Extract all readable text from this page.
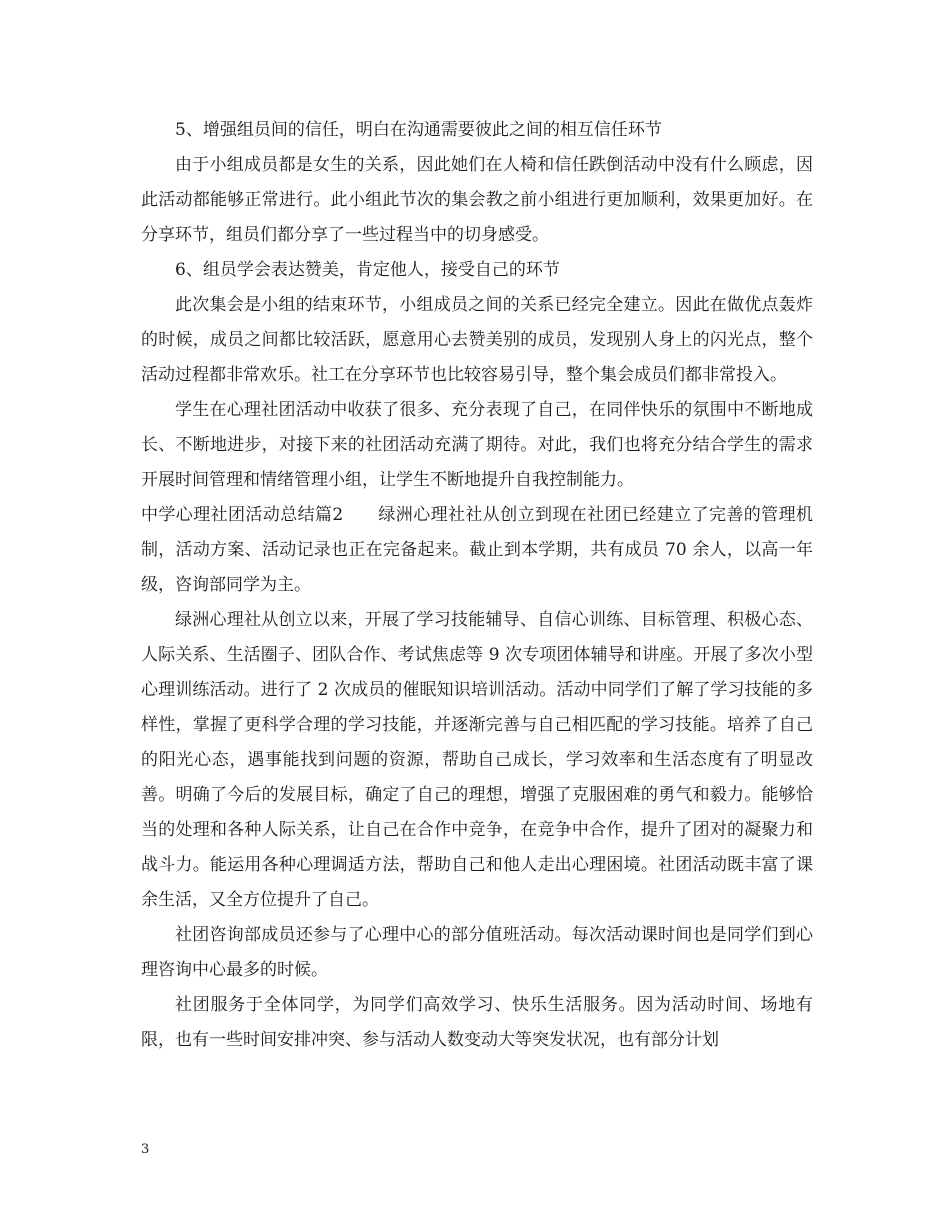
5、增强组员间的信任，明白在沟通需要彼此之间的相互信任环节

由于小组成员都是女生的关系，因此她们在人椅和信任跌倒活动中没有什么顾虑，因此活动都能够正常进行。此小组此节次的集会教之前小组进行更加顺利，效果更加好。在分享环节，组员们都分享了一些过程当中的切身感受。

6、组员学会表达赞美，肯定他人，接受自己的环节

此次集会是小组的结束环节，小组成员之间的关系已经完全建立。因此在做优点轰炸的时候，成员之间都比较活跃，愿意用心去赞美别的成员，发现别人身上的闪光点，整个活动过程都非常欢乐。社工在分享环节也比较容易引导，整个集会成员们都非常投入。

学生在心理社团活动中收获了很多、充分表现了自己，在同伴快乐的氛围中不断地成长、不断地进步，对接下来的社团活动充满了期待。对此，我们也将充分结合学生的需求开展时间管理和情绪管理小组，让学生不断地提升自我控制能力。

中学心理社团活动总结篇2　　绿洲心理社社从创立到现在社团已经建立了完善的管理机制，活动方案、活动记录也正在完备起来。截止到本学期，共有成员 70 余人，以高一年级，咨询部同学为主。

绿洲心理社从创立以来，开展了学习技能辅导、自信心训练、目标管理、积极心态、人际关系、生活圈子、团队合作、考试焦虑等 9 次专项团体辅导和讲座。开展了多次小型心理训练活动。进行了 2 次成员的催眠知识培训活动。活动中同学们了解了学习技能的多样性，掌握了更科学合理的学习技能，并逐渐完善与自己相匹配的学习技能。培养了自己的阳光心态，遇事能找到问题的资源，帮助自己成长，学习效率和生活态度有了明显改善。明确了今后的发展目标，确定了自己的理想，增强了克服困难的勇气和毅力。能够恰当的处理和各种人际关系，让自己在合作中竞争，在竞争中合作，提升了团对的凝聚力和战斗力。能运用各种心理调适方法，帮助自己和他人走出心理困境。社团活动既丰富了课余生活，又全方位提升了自己。

社团咨询部成员还参与了心理中心的部分值班活动。每次活动课时间也是同学们到心理咨询中心最多的时候。

社团服务于全体同学，为同学们高效学习、快乐生活服务。因为活动时间、场地有限，也有一些时间安排冲突、参与活动人数变动大等突发状况，也有部分计划

3
